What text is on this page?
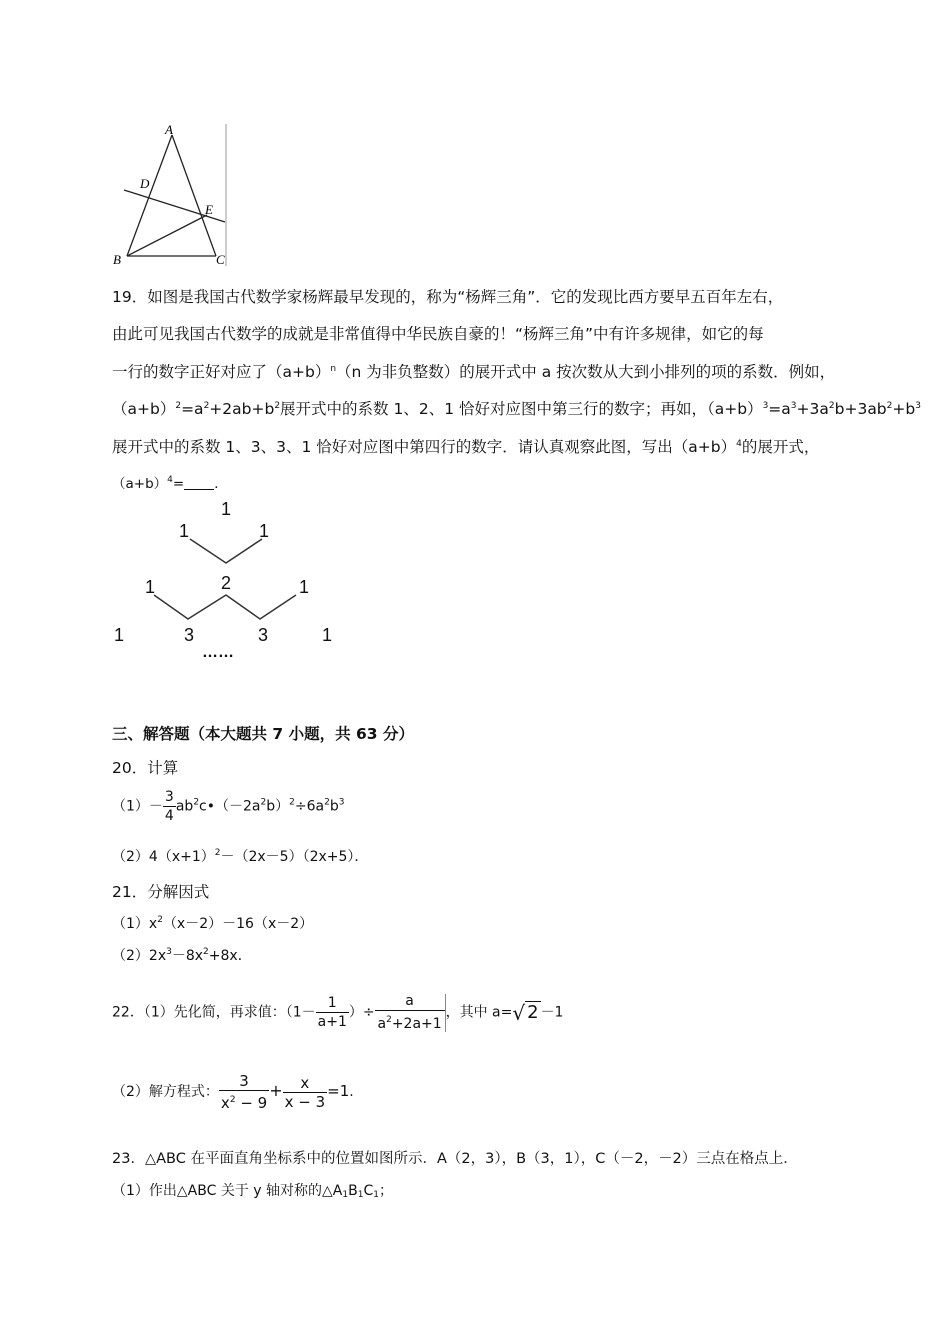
A
D
E
B	C
19．如图是我国古代数学家杨辉最早发现的，称为“杨辉三角”．它的发现比西方要早五百年左右，
由此可见我国古代数学的成就是非常值得中华民族自豪的！“杨辉三角”中有许多规律，如它的每
一行的数字正好对应了$(a+b)^n(n$ 为非负整数）的展开式中 a 按次数从大到小排列的项的系数．例如，
$(a+b)^2=a^2+2ab+b^2$展开式中的系数 1、2、1 恰好对应图中第三行的数字；再如，$(a+b)^3=a^3+3a^2b+3ab^2+b^3$
展开式中的系数 1、3、3、1 恰好对应图中第四行的数字．请认真观察此图，写出$(a+b)^4$的展开式，
$(a+b)^4=$ ．
1
1	1
1	2	1
1	3	3	1
……
三、解答题（本大题共 7 小题，共 63 分）
20．计算
$(1)- \frac{3}{4}$ $ab^2c•(-2a^2b)^2\div 6a^2b^3$
$(2)4(x+1)^2-(2x-5)(2x+5)$．
21．分解因式
$(1)x^2(x-2)-16(x-2)$
$(2)2x^3-8x^2+8x$．
22．（1）先化简，再求值：（$1- \frac{1}{a+1}$ ）÷ $\frac{a}{a^2+2a+1}$ ，其中 a=√ 2 －1
（2）解方程式： $\frac{3}{x^2 - 9} + \frac{x}{x - 3} =1$.
23．△ABC 在平面直角坐标系中的位置如图所示．A（2，3），B（3，1），C（－2，－2）三点在格点上．
（1）作出△ABC 关于 y 轴对称的$\triangle A_1B_1C_1$；
